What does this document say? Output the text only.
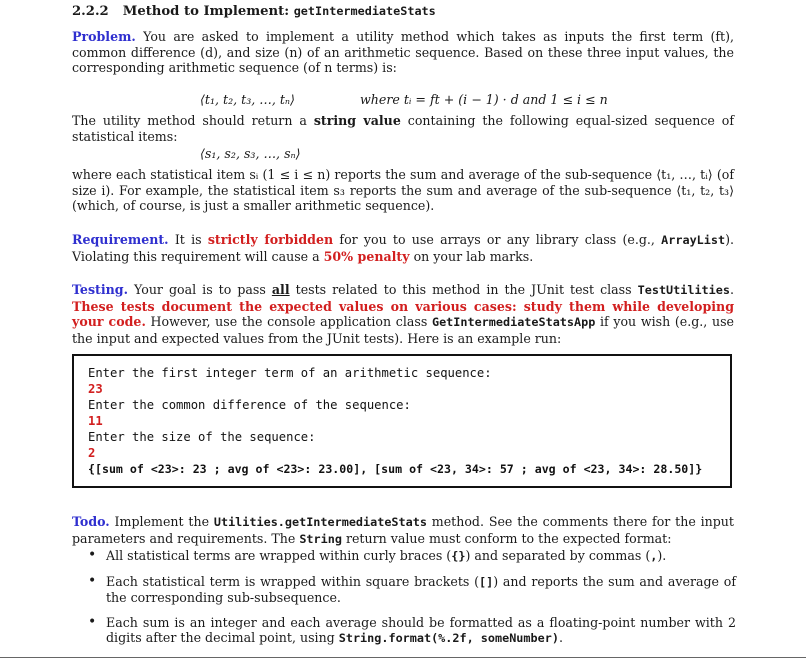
2.2.2 Method to Implement: getIntermediateStats
Problem. You are asked to implement a utility method which takes as inputs the first term (ft), common difference (d), and size (n) of an arithmetic sequence. Based on these three input values, the corresponding arithmetic sequence (of n terms) is:
⟨t₁, t₂, t₃, …, tₙ⟩	where tᵢ = ft + (i − 1) · d and 1 ≤ i ≤ n
The utility method should return a string value containing the following equal-sized sequence of statistical items:
⟨s₁, s₂, s₃, …, sₙ⟩
where each statistical item sᵢ (1 ≤ i ≤ n) reports the sum and average of the sub-sequence ⟨t₁, …, tᵢ⟩ (of size i). For example, the statistical item s₃ reports the sum and average of the sub-sequence ⟨t₁, t₂, t₃⟩ (which, of course, is just a smaller arithmetic sequence).
Requirement. It is strictly forbidden for you to use arrays or any library class (e.g., ArrayList). Violating this requirement will cause a 50% penalty on your lab marks.
Testing. Your goal is to pass all tests related to this method in the JUnit test class TestUtilities. These tests document the expected values on various cases: study them while developing your code. However, use the console application class GetIntermediateStatsApp if you wish (e.g., use the input and expected values from the JUnit tests). Here is an example run:
Enter the first integer term of an arithmetic sequence:
23
Enter the common difference of the sequence:
11
Enter the size of the sequence:
2
{[sum of <23>: 23 ; avg of <23>: 23.00], [sum of <23, 34>: 57 ; avg of <23, 34>: 28.50]}
Todo. Implement the Utilities.getIntermediateStats method. See the comments there for the input parameters and requirements. The String return value must conform to the expected format:
• All statistical terms are wrapped within curly braces ({}) and separated by commas (,).
• Each statistical term is wrapped within square brackets ([]) and reports the sum and average of the corresponding sub-subsequence.
• Each sum is an integer and each average should be formatted as a floating-point number with 2 digits after the decimal point, using String.format(%.2f, someNumber).
